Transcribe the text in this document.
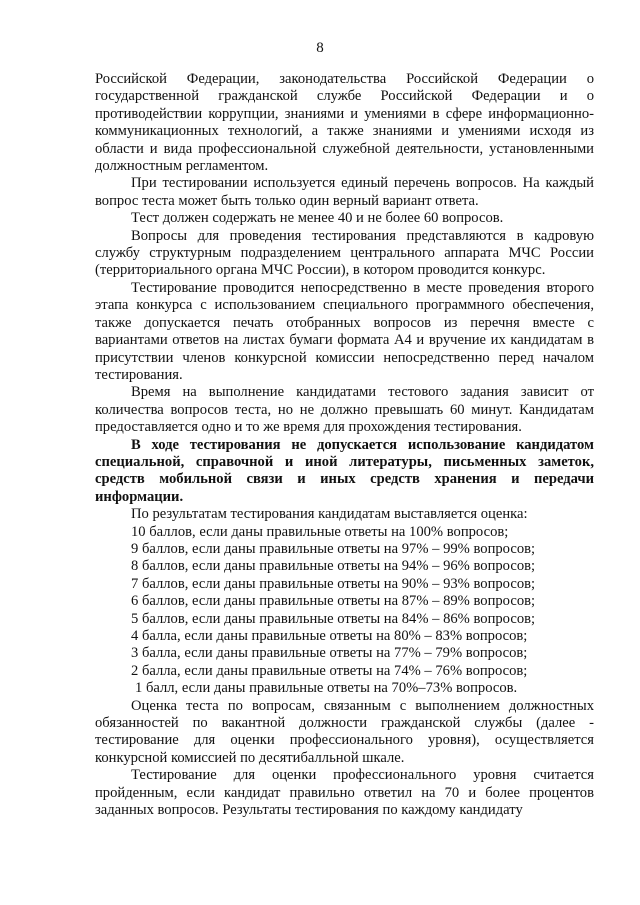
8

Российской Федерации, законодательства Российской Федерации о государственной гражданской службе Российской Федерации и о противодействии коррупции, знаниями и умениями в сфере информационно-коммуникационных технологий, а также знаниями и умениями исходя из области и вида профессиональной служебной деятельности, установленными должностным регламентом.

При тестировании используется единый перечень вопросов. На каждый вопрос теста может быть только один верный вариант ответа.

Тест должен содержать не менее 40 и не более 60 вопросов.

Вопросы для проведения тестирования представляются в кадровую службу структурным подразделением центрального аппарата МЧС России (территориального органа МЧС России), в котором проводится конкурс.

Тестирование проводится непосредственно в месте проведения второго этапа конкурса с использованием специального программного обеспечения, также допускается печать отобранных вопросов из перечня вместе с вариантами ответов на листах бумаги формата А4 и вручение их кандидатам в присутствии членов конкурсной комиссии непосредственно перед началом тестирования.

Время на выполнение кандидатами тестового задания зависит от количества вопросов теста, но не должно превышать 60 минут. Кандидатам предоставляется одно и то же время для прохождения тестирования.

В ходе тестирования не допускается использование кандидатом специальной, справочной и иной литературы, письменных заметок, средств мобильной связи и иных средств хранения и передачи информации.

По результатам тестирования кандидатам выставляется оценка:

10 баллов, если даны правильные ответы на 100% вопросов;

9 баллов, если даны правильные ответы на 97% – 99% вопросов;

8 баллов, если даны правильные ответы на 94% – 96% вопросов;

7 баллов, если даны правильные ответы на 90% – 93% вопросов;

6 баллов, если даны правильные ответы на 87% – 89% вопросов;

5 баллов, если даны правильные ответы на 84% – 86% вопросов;

4 балла, если даны правильные ответы на 80% – 83% вопросов;

3 балла, если даны правильные ответы на 77% – 79% вопросов;

2 балла, если даны правильные ответы на 74% – 76% вопросов;

1 балл, если даны правильные ответы на 70%–73% вопросов.

Оценка теста по вопросам, связанным с выполнением должностных обязанностей по вакантной должности гражданской службы (далее - тестирование для оценки профессионального уровня), осуществляется конкурсной комиссией по десятибалльной шкале.

Тестирование для оценки профессионального уровня считается пройденным, если кандидат правильно ответил на 70 и более процентов заданных вопросов. Результаты тестирования по каждому кандидату
